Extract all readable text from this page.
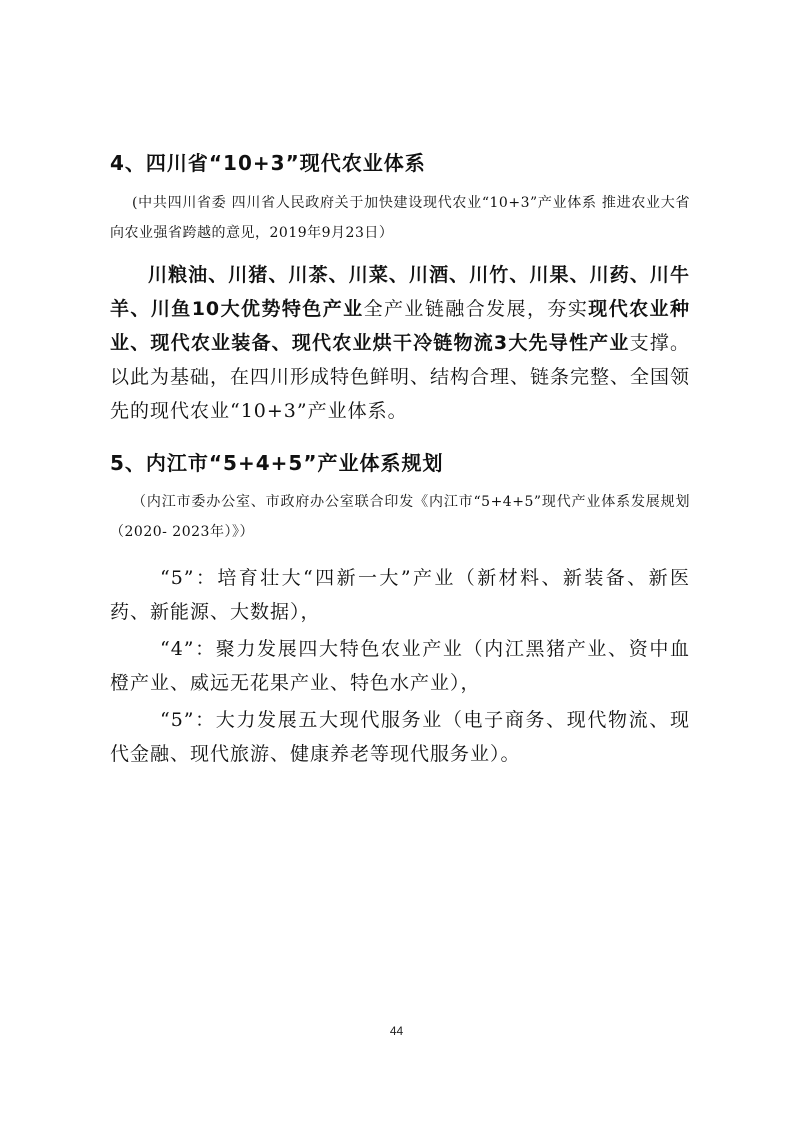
4、四川省“10+3”现代农业体系

(中共四川省委 四川省人民政府关于加快建设现代农业“10+3”产业体系 推进农业大省向农业强省跨越的意见，2019年9月23日）

川粮油、川猪、川茶、川菜、川酒、川竹、川果、川药、川牛羊、川鱼10大优势特色产业全产业链融合发展，夯实现代农业种业、现代农业装备、现代农业烘干冷链物流3大先导性产业支撑。以此为基础，在四川形成特色鲜明、结构合理、链条完整、全国领先的现代农业“10+3”产业体系。

5、内江市“5+4+5”产业体系规划

（内江市委办公室、市政府办公室联合印发《内江市“5+4+5”现代产业体系发展规划（2020- 2023年）》）

“5”：培育壮大“四新一大”产业（新材料、新装备、新医药、新能源、大数据），

“4”：聚力发展四大特色农业产业（内江黑猪产业、资中血橙产业、威远无花果产业、特色水产业），

“5”：大力发展五大现代服务业（电子商务、现代物流、现代金融、现代旅游、健康养老等现代服务业）。

44
